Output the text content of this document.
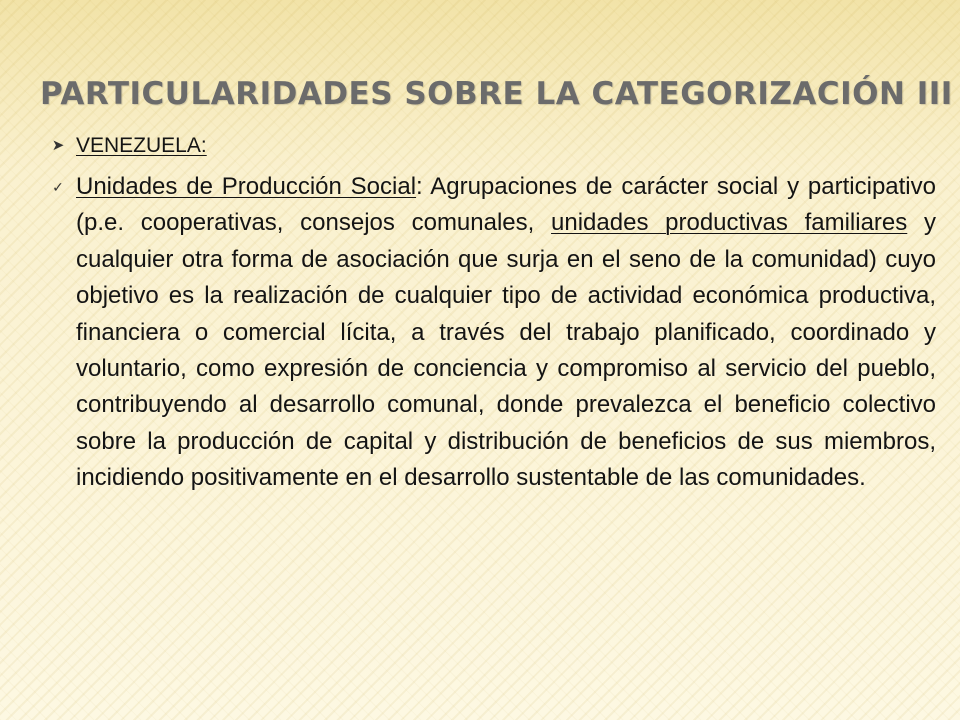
PARTICULARIDADES SOBRE LA CATEGORIZACIÓN III
➤ VENEZUELA:
✓ Unidades de Producción Social: Agrupaciones de carácter social y participativo (p.e. cooperativas, consejos comunales, unidades productivas familiares y cualquier otra forma de asociación que surja en el seno de la comunidad) cuyo objetivo es la realización de cualquier tipo de actividad económica productiva, financiera o comercial lícita, a través del trabajo planificado, coordinado y voluntario, como expresión de conciencia y compromiso al servicio del pueblo, contribuyendo al desarrollo comunal, donde prevalezca el beneficio colectivo sobre la producción de capital y distribución de beneficios de sus miembros, incidiendo positivamente en el desarrollo sustentable de las comunidades.
